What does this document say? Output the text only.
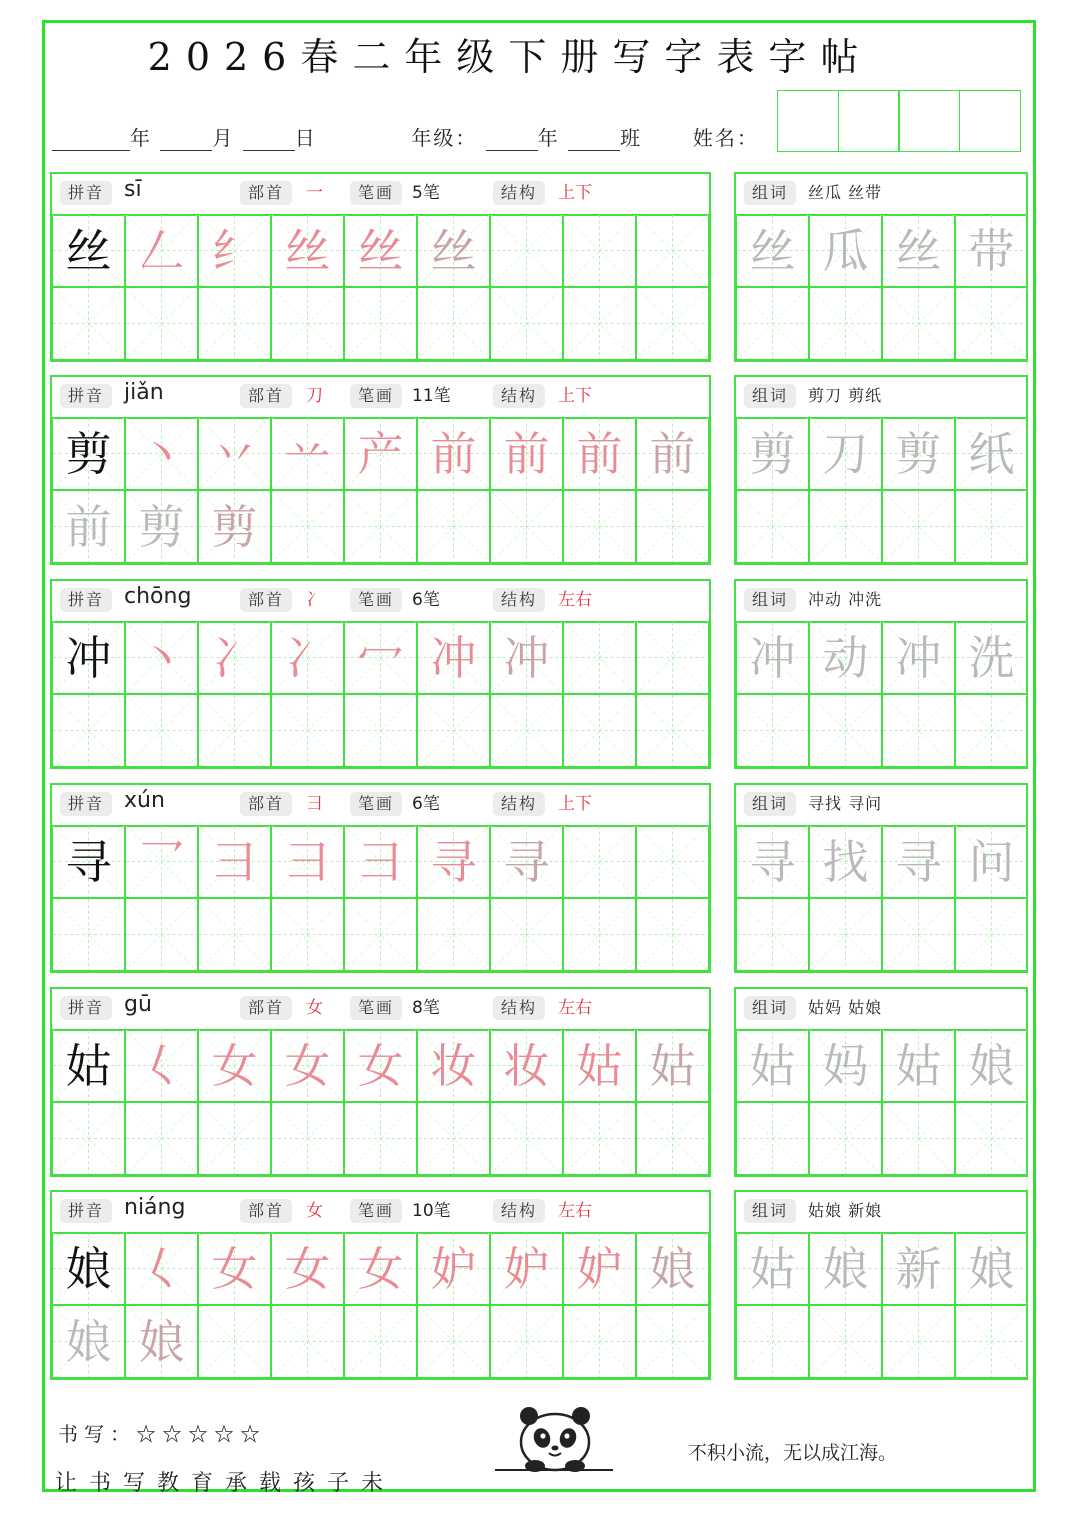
2026春二年级下册写字表字帖
年	月	日	年级：	年	班	姓名：
拼音 sī	部首	一	笔画	5笔	结构	上下
丝 𠃋 纟 丝 丝 丝
组词	丝瓜 丝带
丝 瓜 丝 带
拼音 jiǎn	部首	刀	笔画	11笔	结构	上下
剪 丶 丷 䒑 产 前 前 前 前
前 剪 剪
组词	剪刀 剪纸
剪 刀 剪 纸
拼音 chōng	部首	冫	笔画	6笔	结构	左右
冲 丶 冫 冫 冖 冲 冲
组词	冲动 冲洗
冲 动 冲 洗
拼音 xún	部首	彐	笔画	6笔	结构	上下
寻 乛 彐 彐 彐 寻 寻
组词	寻找 寻问
寻 找 寻 问
拼音 gū	部首	女	笔画	8笔	结构	左右
姑 𡿨 女 女 女 妆 妆 姑 姑
组词	姑妈 姑娘
姑 妈 姑 娘
拼音 niáng	部首	女	笔画	10笔	结构	左右
娘 𡿨 女 女 女 妒 妒 妒 娘
娘 娘
组词	姑娘 新娘
姑 娘 新 娘
书写：☆☆☆☆☆
让书写教育承载孩子未
不积小流，无以成江海。
